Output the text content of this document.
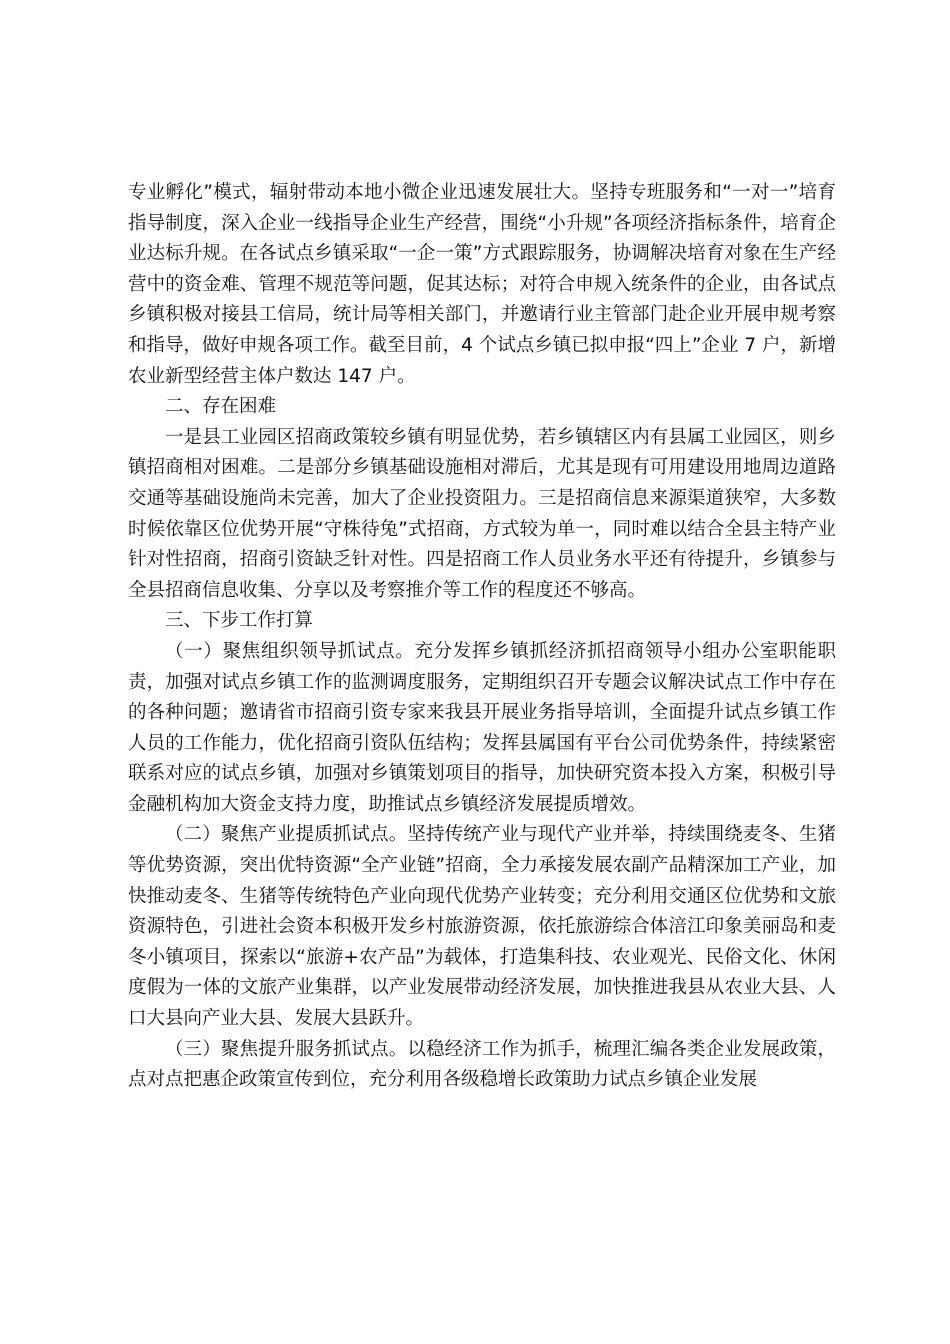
专业孵化”模式，辐射带动本地小微企业迅速发展壮大。坚持专班服务和“一对一”培育指导制度，深入企业一线指导企业生产经营，围绕“小升规”各项经济指标条件，培育企业达标升规。在各试点乡镇采取“一企一策”方式跟踪服务，协调解决培育对象在生产经营中的资金难、管理不规范等问题，促其达标；对符合申规入统条件的企业，由各试点乡镇积极对接县工信局，统计局等相关部门，并邀请行业主管部门赴企业开展申规考察和指导，做好申规各项工作。截至目前，4 个试点乡镇已拟申报“四上”企业 7 户，新增农业新型经营主体户数达 147 户。

二、存在困难

一是县工业园区招商政策较乡镇有明显优势，若乡镇辖区内有县属工业园区，则乡镇招商相对困难。二是部分乡镇基础设施相对滞后，尤其是现有可用建设用地周边道路交通等基础设施尚未完善，加大了企业投资阻力。三是招商信息来源渠道狭窄，大多数时候依靠区位优势开展“守株待兔”式招商，方式较为单一，同时难以结合全县主特产业针对性招商，招商引资缺乏针对性。四是招商工作人员业务水平还有待提升，乡镇参与全县招商信息收集、分享以及考察推介等工作的程度还不够高。

三、下步工作打算

（一）聚焦组织领导抓试点。充分发挥乡镇抓经济抓招商领导小组办公室职能职责，加强对试点乡镇工作的监测调度服务，定期组织召开专题会议解决试点工作中存在的各种问题；邀请省市招商引资专家来我县开展业务指导培训，全面提升试点乡镇工作人员的工作能力，优化招商引资队伍结构；发挥县属国有平台公司优势条件，持续紧密联系对应的试点乡镇，加强对乡镇策划项目的指导，加快研究资本投入方案，积极引导金融机构加大资金支持力度，助推试点乡镇经济发展提质增效。

（二）聚焦产业提质抓试点。坚持传统产业与现代产业并举，持续围绕麦冬、生猪等优势资源，突出优特资源“全产业链”招商，全力承接发展农副产品精深加工产业，加快推动麦冬、生猪等传统特色产业向现代优势产业转变；充分利用交通区位优势和文旅资源特色，引进社会资本积极开发乡村旅游资源，依托旅游综合体涪江印象美丽岛和麦冬小镇项目，探索以“旅游+农产品”为载体，打造集科技、农业观光、民俗文化、休闲度假为一体的文旅产业集群，以产业发展带动经济发展，加快推进我县从农业大县、人口大县向产业大县、发展大县跃升。

（三）聚焦提升服务抓试点。以稳经济工作为抓手，梳理汇编各类企业发展政策，点对点把惠企政策宣传到位，充分利用各级稳增长政策助力试点乡镇企业发展
